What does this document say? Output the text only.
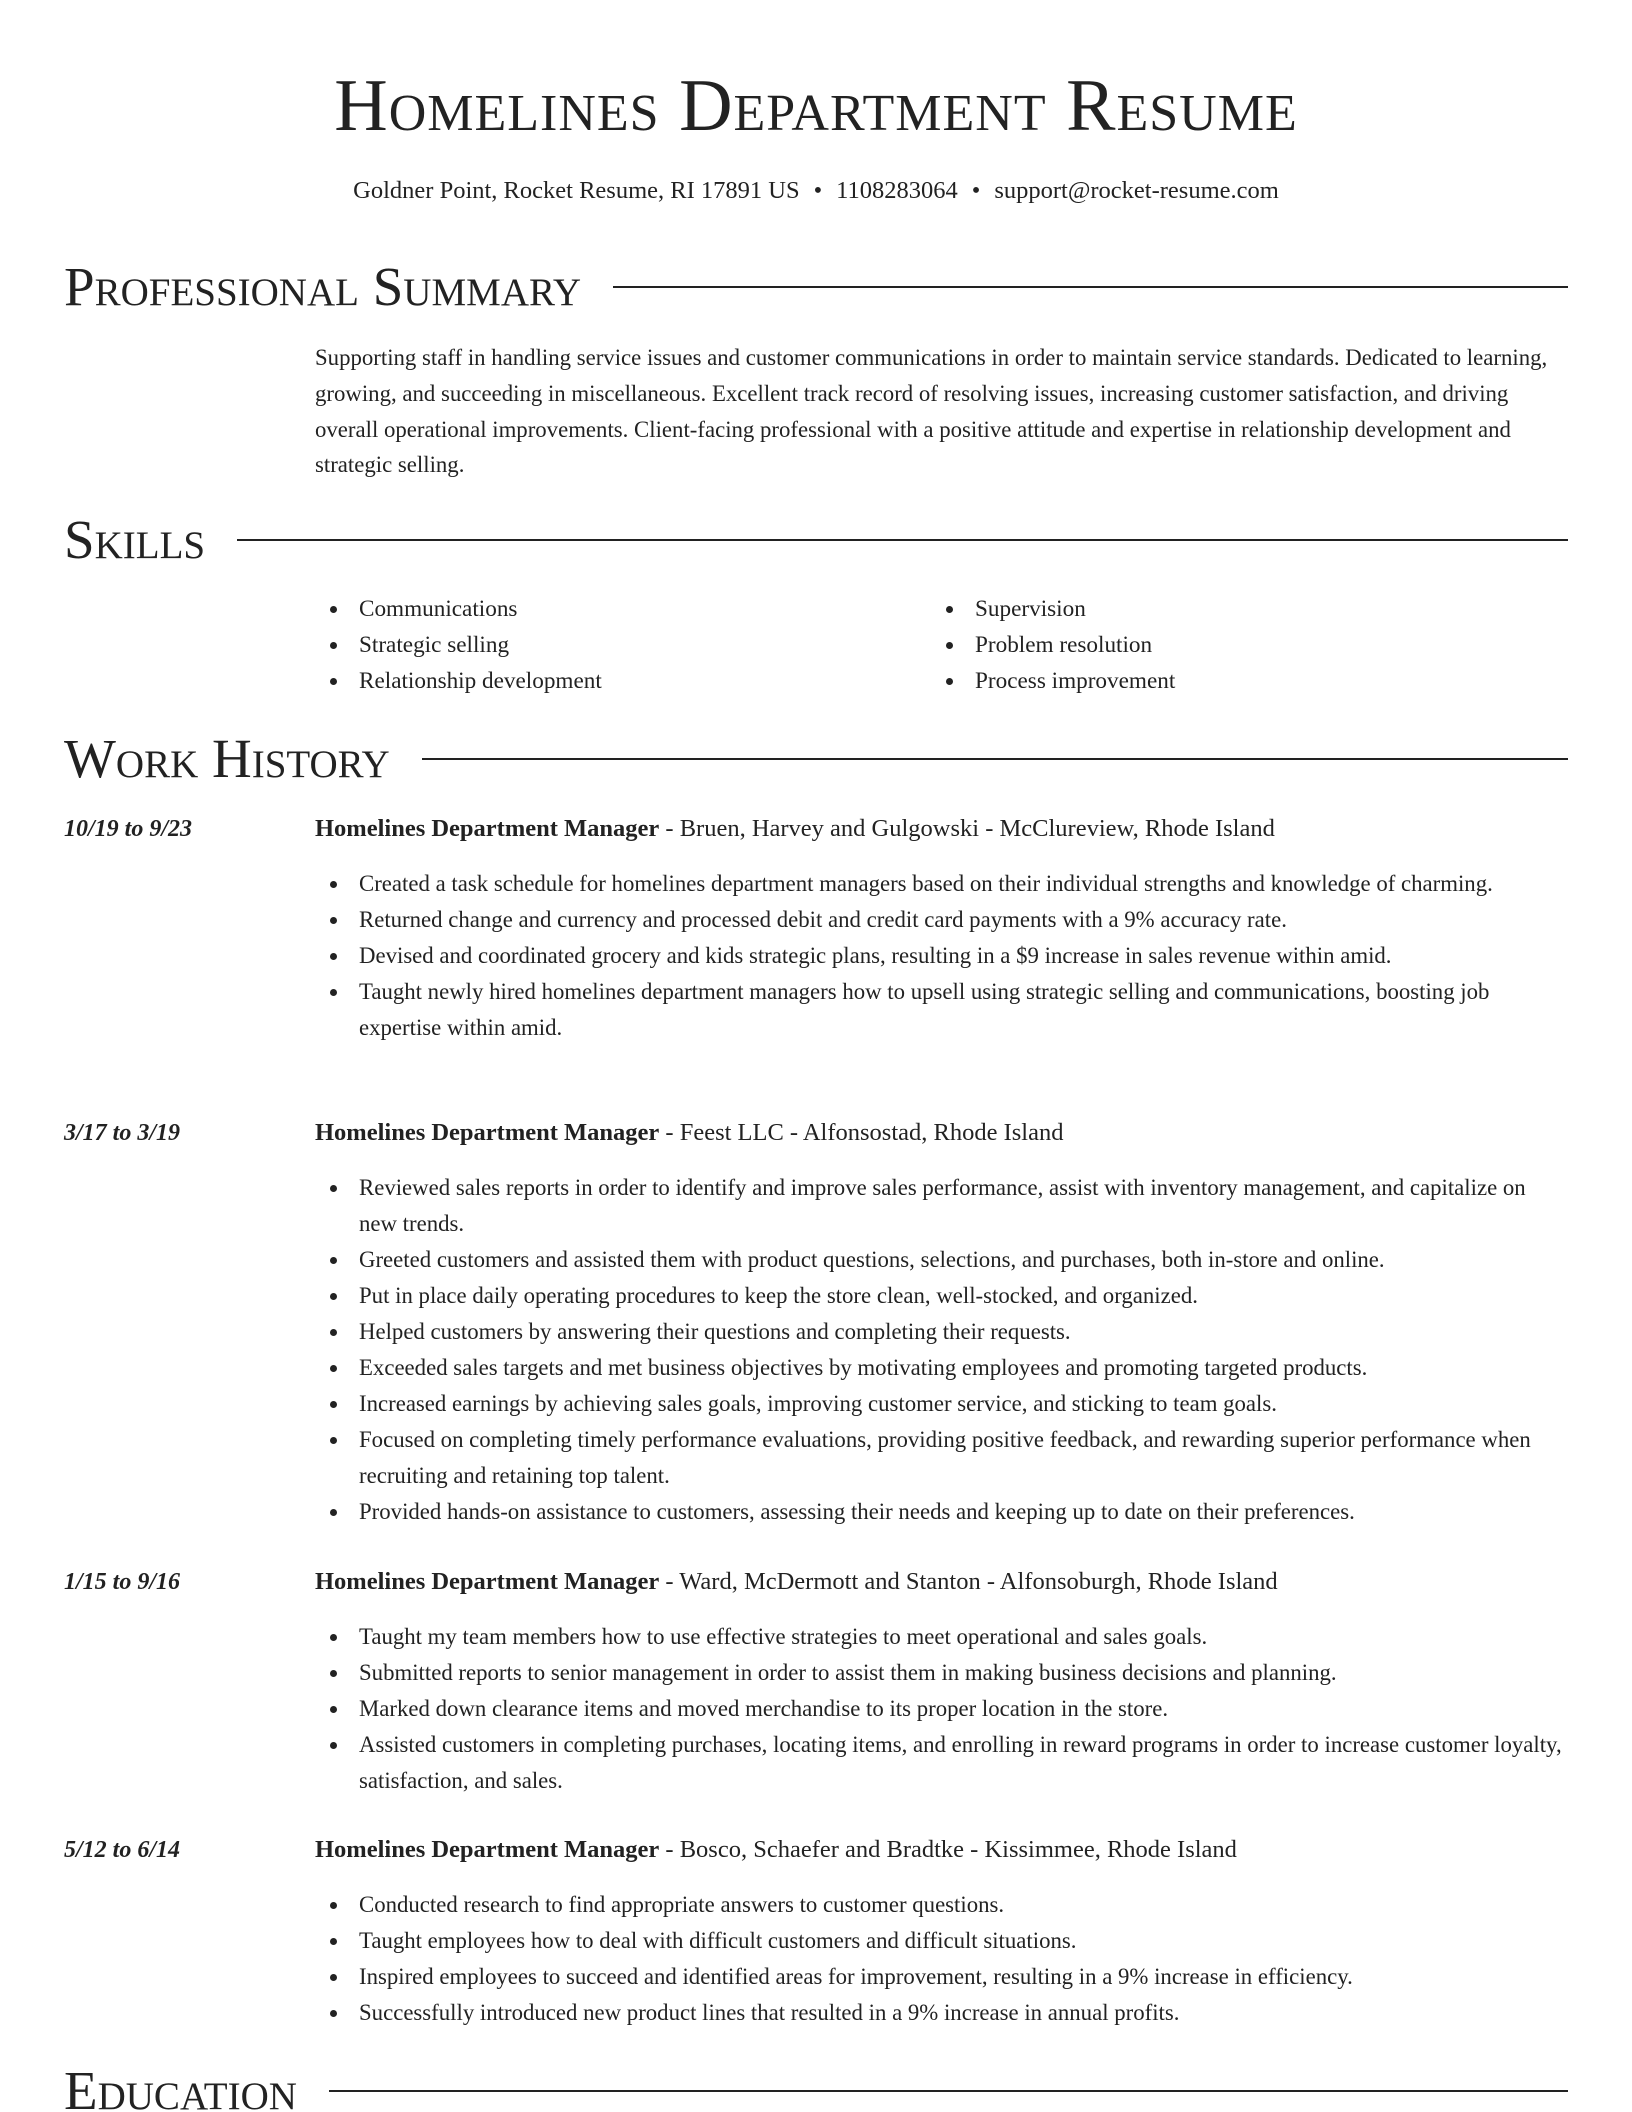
Homelines Department Resume
Goldner Point, Rocket Resume, RI 17891 US • 1108283064 • support@rocket-resume.com
Professional Summary

Supporting staff in handling service issues and customer communications in order to maintain service standards. Dedicated to learning, growing, and succeeding in miscellaneous. Excellent track record of resolving issues, increasing customer satisfaction, and driving overall operational improvements. Client-facing professional with a positive attitude and expertise in relationship development and strategic selling.

Skills
Communications
Strategic selling
Relationship development
Supervision
Problem resolution
Process improvement
Work History
10/19 to 9/23	Homelines Department Manager - Bruen, Harvey and Gulgowski - McClureview, Rhode Island
Created a task schedule for homelines department managers based on their individual strengths and knowledge of charming.
Returned change and currency and processed debit and credit card payments with a 9% accuracy rate.
Devised and coordinated grocery and kids strategic plans, resulting in a $9 increase in sales revenue within amid.
Taught newly hired homelines department managers how to upsell using strategic selling and communications, boosting job expertise within amid.
3/17 to 3/19	Homelines Department Manager - Feest LLC - Alfonsostad, Rhode Island
Reviewed sales reports in order to identify and improve sales performance, assist with inventory management, and capitalize on new trends.
Greeted customers and assisted them with product questions, selections, and purchases, both in-store and online.
Put in place daily operating procedures to keep the store clean, well-stocked, and organized.
Helped customers by answering their questions and completing their requests.
Exceeded sales targets and met business objectives by motivating employees and promoting targeted products.
Increased earnings by achieving sales goals, improving customer service, and sticking to team goals.
Focused on completing timely performance evaluations, providing positive feedback, and rewarding superior performance when recruiting and retaining top talent.
Provided hands-on assistance to customers, assessing their needs and keeping up to date on their preferences.
1/15 to 9/16	Homelines Department Manager - Ward, McDermott and Stanton - Alfonsoburgh, Rhode Island
Taught my team members how to use effective strategies to meet operational and sales goals.
Submitted reports to senior management in order to assist them in making business decisions and planning.
Marked down clearance items and moved merchandise to its proper location in the store.
Assisted customers in completing purchases, locating items, and enrolling in reward programs in order to increase customer loyalty, satisfaction, and sales.
5/12 to 6/14	Homelines Department Manager - Bosco, Schaefer and Bradtke - Kissimmee, Rhode Island
Conducted research to find appropriate answers to customer questions.
Taught employees how to deal with difficult customers and difficult situations.
Inspired employees to succeed and identified areas for improvement, resulting in a 9% increase in efficiency.
Successfully introduced new product lines that resulted in a 9% increase in annual profits.
Education
